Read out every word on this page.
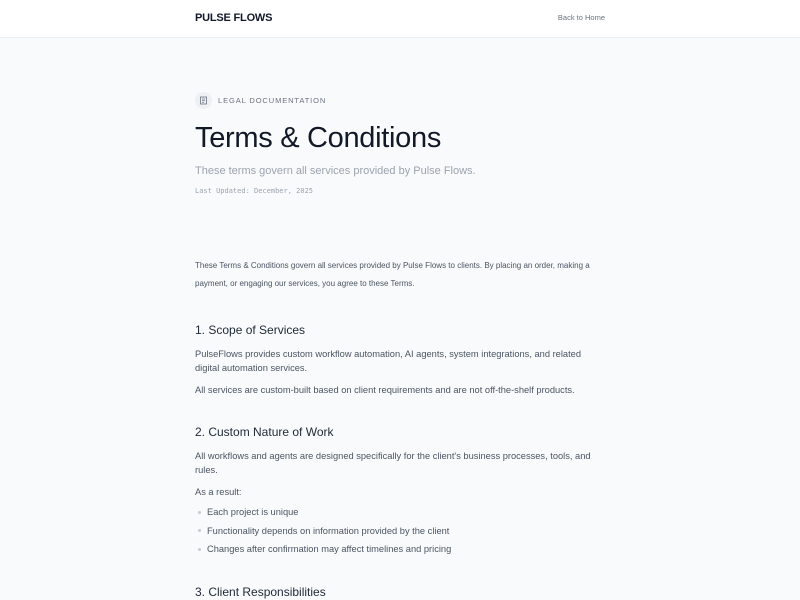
PULSE FLOWS	Back to Home
LEGAL DOCUMENTATION
Terms & Conditions
These terms govern all services provided by Pulse Flows.
Last Updated: December, 2025
These Terms & Conditions govern all services provided by Pulse Flows to clients. By placing an order, making a payment, or engaging our services, you agree to these Terms.
1. Scope of Services

PulseFlows provides custom workflow automation, AI agents, system integrations, and related digital automation services.

All services are custom-built based on client requirements and are not off-the-shelf products.

2. Custom Nature of Work

All workflows and agents are designed specifically for the client's business processes, tools, and rules.

As a result:

Each project is unique
Functionality depends on information provided by the client
Changes after confirmation may affect timelines and pricing
3. Client Responsibilities
